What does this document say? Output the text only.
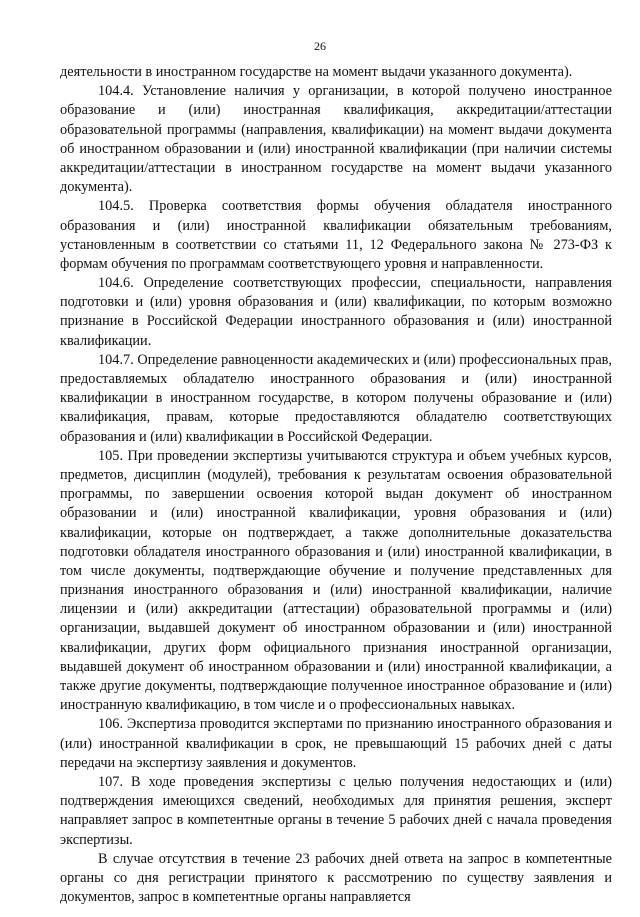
26

деятельности в иностранном государстве на момент выдачи указанного документа).

104.4. Установление наличия у организации, в которой получено иностранное образование и (или) иностранная квалификация, аккредитации/аттестации образовательной программы (направления, квалификации) на момент выдачи документа об иностранном образовании и (или) иностранной квалификации (при наличии системы аккредитации/аттестации в иностранном государстве на момент выдачи указанного документа).

104.5. Проверка соответствия формы обучения обладателя иностранного образования и (или) иностранной квалификации обязательным требованиям, установленным в соответствии со статьями 11, 12 Федерального закона № 273-ФЗ к формам обучения по программам соответствующего уровня и направленности.

104.6. Определение соответствующих профессии, специальности, направления подготовки и (или) уровня образования и (или) квалификации, по которым возможно признание в Российской Федерации иностранного образования и (или) иностранной квалификации.

104.7. Определение равноценности академических и (или) профессиональных прав, предоставляемых обладателю иностранного образования и (или) иностранной квалификации в иностранном государстве, в котором получены образование и (или) квалификация, правам, которые предоставляются обладателю соответствующих образования и (или) квалификации в Российской Федерации.

105. При проведении экспертизы учитываются структура и объем учебных курсов, предметов, дисциплин (модулей), требования к результатам освоения образовательной программы, по завершении освоения которой выдан документ об иностранном образовании и (или) иностранной квалификации, уровня образования и (или) квалификации, которые он подтверждает, а также дополнительные доказательства подготовки обладателя иностранного образования и (или) иностранной квалификации, в том числе документы, подтверждающие обучение и получение представленных для признания иностранного образования и (или) иностранной квалификации, наличие лицензии и (или) аккредитации (аттестации) образовательной программы и (или) организации, выдавшей документ об иностранном образовании и (или) иностранной квалификации, других форм официального признания иностранной организации, выдавшей документ об иностранном образовании и (или) иностранной квалификации, а также другие документы, подтверждающие полученное иностранное образование и (или) иностранную квалификацию, в том числе и о профессиональных навыках.

106. Экспертиза проводится экспертами по признанию иностранного образования и (или) иностранной квалификации в срок, не превышающий 15 рабочих дней с даты передачи на экспертизу заявления и документов.

107. В ходе проведения экспертизы с целью получения недостающих и (или) подтверждения имеющихся сведений, необходимых для принятия решения, эксперт направляет запрос в компетентные органы в течение 5 рабочих дней с начала проведения экспертизы.

В случае отсутствия в течение 23 рабочих дней ответа на запрос в компетентные органы со дня регистрации принятого к рассмотрению по существу заявления и документов, запрос в компетентные органы направляется
